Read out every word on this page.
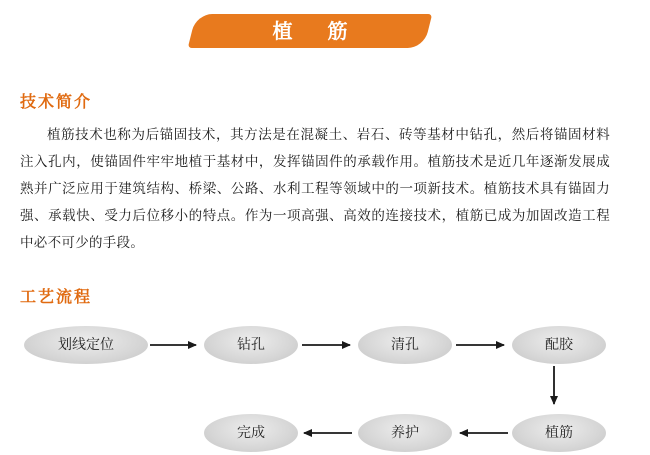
植 筋
技术简介
植筋技术也称为后锚固技术，其方法是在混凝土、岩石、砖等基材中钻孔，然后将锚固材料注入孔内，使锚固件牢牢地植于基材中，发挥锚固件的承载作用。植筋技术是近几年逐渐发展成熟并广泛应用于建筑结构、桥梁、公路、水利工程等领域中的一项新技术。植筋技术具有锚固力强、承载快、受力后位移小的特点。作为一项高强、高效的连接技术，植筋已成为加固改造工程中必不可少的手段。
工艺流程
划线定位	钻孔	清孔	配胶
植筋
养护
完成
